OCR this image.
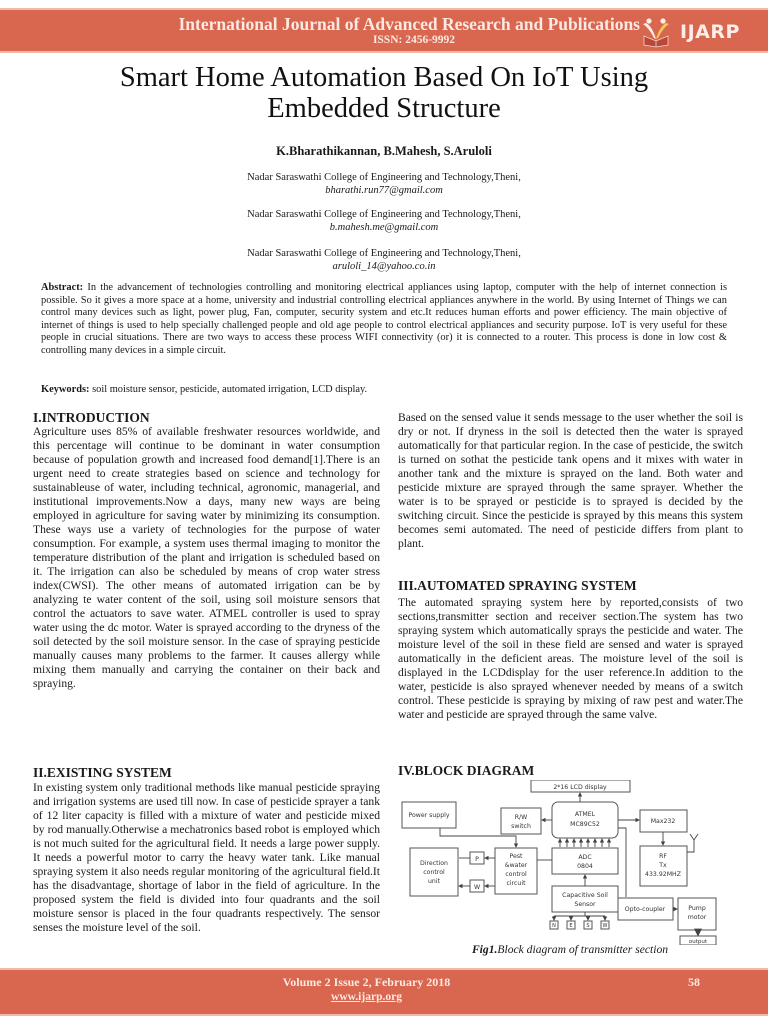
International Journal of Advanced Research and Publications
ISSN: 2456-9992	IJARP
Smart Home Automation Based On IoT Using
Embedded Structure
K.Bharathikannan, B.Mahesh, S.Aruloli
Nadar Saraswathi College of Engineering and Technology,Theni,
bharathi.run77@gmail.com
Nadar Saraswathi College of Engineering and Technology,Theni,
b.mahesh.me@gmail.com
Nadar Saraswathi College of Engineering and Technology,Theni,
aruloli_14@yahoo.co.in
Abstract: In the advancement of technologies controlling and monitoring electrical appliances using laptop, computer with the help of internet connection is possible. So it gives a more space at a home, university and industrial controlling electrical appliances anywhere in the world. By using Internet of Things we can control many devices such as light, power plug, Fan, computer, security system and etc.It reduces human efforts and power efficiency. The main objective of internet of things is used to help specially challenged people and old age people to control electrical appliances and security purpose. IoT is very useful for these people in crucial situations. There are two ways to access these process WIFI connectivity (or) it is connected to a router. This process is done in low cost & controlling many devices in a simple circuit.
Keywords: soil moisture sensor, pesticide, automated irrigation, LCD display.
I.INTRODUCTION
Agriculture uses 85% of available freshwater resources worldwide, and this percentage will continue to be dominant in water consumption because of population growth and increased food demand[1].There is an urgent need to create strategies based on science and technology for sustainableuse of water, including technical, agronomic, managerial, and institutional improvements.Now a days, many new ways are being employed in agriculture for saving water by minimizing its consumption. These ways use a variety of technologies for the purpose of water consumption. For example, a system uses thermal imaging to monitor the temperature distribution of the plant and irrigation is scheduled based on it. The irrigation can also be scheduled by means of crop water stress index(CWSI). The other means of automated irrigation can be by analyzing te water content of the soil, using soil moisture sensors that control the actuators to save water. ATMEL controller is used to spray water using the dc motor. Water is sprayed according to the dryness of the soil detected by the soil moisture sensor. In the case of spraying pesticide manually causes many problems to the farmer. It causes allergy while mixing them manually and carrying the container on their back and spraying.
II.EXISTING SYSTEM
In existing system only traditional methods like manual pesticide spraying and irrigation systems are used till now. In case of pesticide sprayer a tank of 12 liter capacity is filled with a mixture of water and pesticide mixed by rod manually.Otherwise a mechatronics based robot is employed which is not much suited for the agricultural field. It needs a large power supply. It needs a powerful motor to carry the heavy water tank. Like manual spraying system it also needs regular monitoring of the agricultural field.It has the disadvantage, shortage of labor in the field of agriculture. In the proposed system the field is divided into four quadrants and the soil moisture sensor is placed in the four quadrants respectively. The sensor senses the moisture level of the soil.
Based on the sensed value it sends message to the user whether the soil is dry or not. If dryness in the soil is detected then the water is sprayed automatically for that particular region. In the case of pesticide, the switch is turned on sothat the pesticide tank opens and it mixes with water in another tank and the mixture is sprayed on the land. Both water and pesticide mixture are sprayed through the same sprayer. Whether the water is to be sprayed or pesticide is to sprayed is decided by the switching circuit. Since the pesticide is sprayed by this means this system becomes semi automated. The need of pesticide differs from plant to plant.
III.AUTOMATED SPRAYING SYSTEM
The automated spraying system here by reported,consists of two sections,transmitter section and receiver section.The system has two spraying system which automatically sprays the pesticide and water. The moisture level of the soil in these field are sensed and water is sprayed automatically in the deficient areas. The moisture level of the soil is displayed in the LCDdisplay for the user reference.In addition to the water, pesticide is also sprayed whenever needed by means of a switch control. These pesticide is spraying by mixing of raw pest and water.The water and pesticide are sprayed through the same valve.
IV.BLOCK DIAGRAM
2*16 LCD display
Power supply	R/W
switch
ATMEL
MC89C52	Max232
RF
Tx
433.92MHZ
Direction
control
unit
P
W
Pest
&water
control
circuit
ADC
0804
Capacitive Soil
Sensor
Opto-coupler	Pump
motor
output
N	E	S	W
Fig1.Block diagram of transmitter section
Volume 2 Issue 2, February 2018
www.ijarp.org
58
